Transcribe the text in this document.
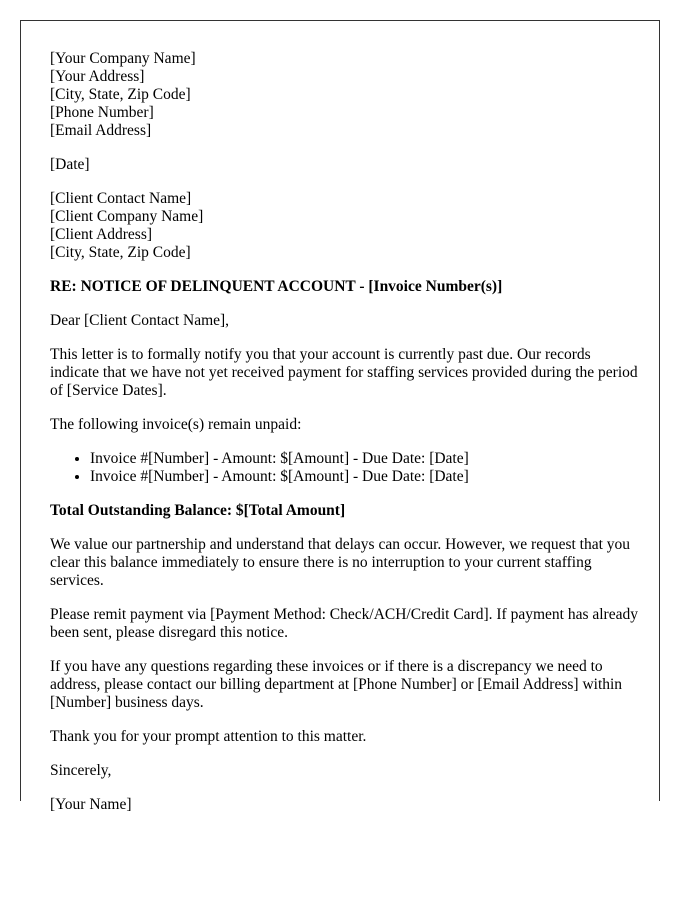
[Your Company Name]
[Your Address]
[City, State, Zip Code]
[Phone Number]
[Email Address]
[Date]
[Client Contact Name]
[Client Company Name]
[Client Address]
[City, State, Zip Code]

RE: NOTICE OF DELINQUENT ACCOUNT - [Invoice Number(s)]

Dear [Client Contact Name],

This letter is to formally notify you that your account is currently past due. Our records indicate that we have not yet received payment for staffing services provided during the period of [Service Dates].

The following invoice(s) remain unpaid:

• Invoice #[Number] - Amount: $[Amount] - Due Date: [Date]
• Invoice #[Number] - Amount: $[Amount] - Due Date: [Date]

Total Outstanding Balance: $[Total Amount]

We value our partnership and understand that delays can occur. However, we request that you clear this balance immediately to ensure there is no interruption to your current staffing services.

Please remit payment via [Payment Method: Check/ACH/Credit Card]. If payment has already been sent, please disregard this notice.

If you have any questions regarding these invoices or if there is a discrepancy we need to address, please contact our billing department at [Phone Number] or [Email Address] within [Number] business days.

Thank you for your prompt attention to this matter.

Sincerely,

[Your Name]
